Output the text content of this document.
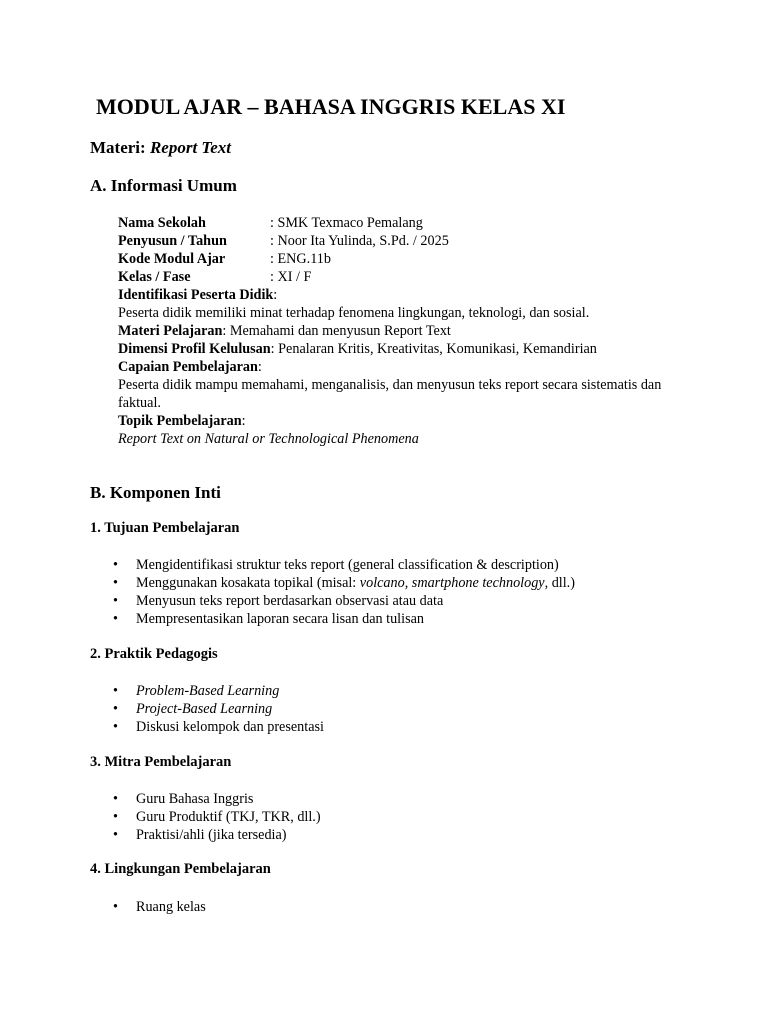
MODUL AJAR – BAHASA INGGRIS KELAS XI
Materi: Report Text
A. Informasi Umum
Nama Sekolah	: SMK Texmaco Pemalang
Penyusun / Tahun	: Noor Ita Yulinda, S.Pd. / 2025
Kode Modul Ajar	: ENG.11b
Kelas / Fase	: XI / F
Identifikasi Peserta Didik:
Peserta didik memiliki minat terhadap fenomena lingkungan, teknologi, dan sosial.
Materi Pelajaran: Memahami dan menyusun Report Text
Dimensi Profil Kelulusan: Penalaran Kritis, Kreativitas, Komunikasi, Kemandirian
Capaian Pembelajaran:
Peserta didik mampu memahami, menganalisis, dan menyusun teks report secara sistematis dan faktual.
Topik Pembelajaran:
Report Text on Natural or Technological Phenomena
B. Komponen Inti
1. Tujuan Pembelajaran
• Mengidentifikasi struktur teks report (general classification & description)
• Menggunakan kosakata topikal (misal: volcano, smartphone technology, dll.)
• Menyusun teks report berdasarkan observasi atau data
• Mempresentasikan laporan secara lisan dan tulisan
2. Praktik Pedagogis
• Problem-Based Learning
• Project-Based Learning
• Diskusi kelompok dan presentasi
3. Mitra Pembelajaran
• Guru Bahasa Inggris
• Guru Produktif (TKJ, TKR, dll.)
• Praktisi/ahli (jika tersedia)
4. Lingkungan Pembelajaran
• Ruang kelas
